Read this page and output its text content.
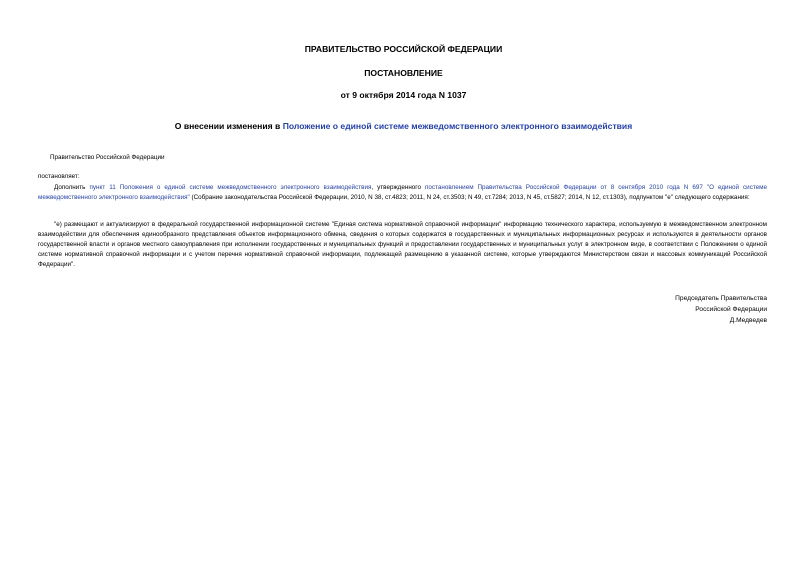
ПРАВИТЕЛЬСТВО РОССИЙСКОЙ ФЕДЕРАЦИИ
ПОСТАНОВЛЕНИЕ
от 9 октября 2014 года N 1037
О внесении изменения в Положение о единой системе межведомственного электронного взаимодействия
Правительство Российской Федерации
постановляет:
Дополнить пункт 11 Положения о единой системе межведомственного электронного взаимодействия, утвержденного постановлением Правительства Российской Федерации от 8 сентября 2010 года N 697 "О единой системе межведомственного электронного взаимодействия" (Собрание законодательства Российской Федерации, 2010, N 38, ст.4823; 2011, N 24, ст.3503; N 49, ст.7284; 2013, N 45, ст.5827; 2014, N 12, ст.1303), подпунктом "е" следующего содержания:
"е) размещают и актуализируют в федеральной государственной информационной системе "Единая система нормативной справочной информации" информацию технического характера, используемую в межведомственном электронном взаимодействии для обеспечения единообразного представления объектов информационного обмена, сведения о которых содержатся в государственных и муниципальных информационных ресурсах и используются в деятельности органов государственной власти и органов местного самоуправления при исполнении государственных и муниципальных функций и предоставлении государственных и муниципальных услуг в электронном виде, в соответствии с Положением о единой системе нормативной справочной информации и с учетом перечня нормативной справочной информации, подлежащей размещению в указанной системе, которые утверждаются Министерством связи и массовых коммуникаций Российской Федерации".
Председатель Правительства
Российской Федерации
Д.Медведев
